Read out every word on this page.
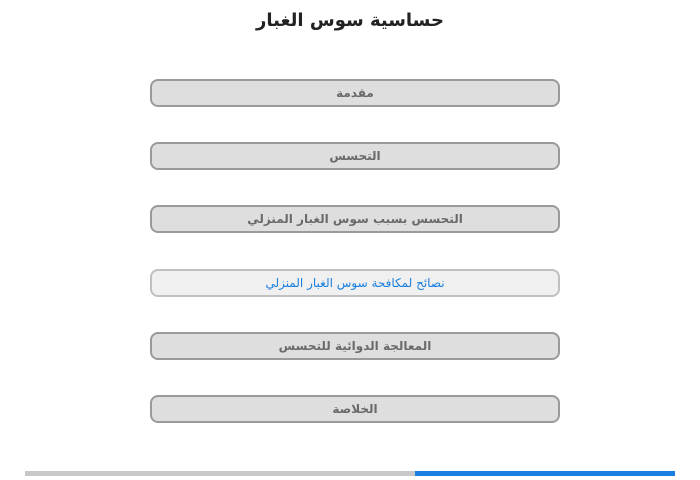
حساسية سوس الغبار
مقدمة
التحسس
التحسس بسبب سوس الغبار المنزلي
نصائح لمكافحة سوس الغبار المنزلي
المعالجة الدوائية للتحسس
الخلاصة
